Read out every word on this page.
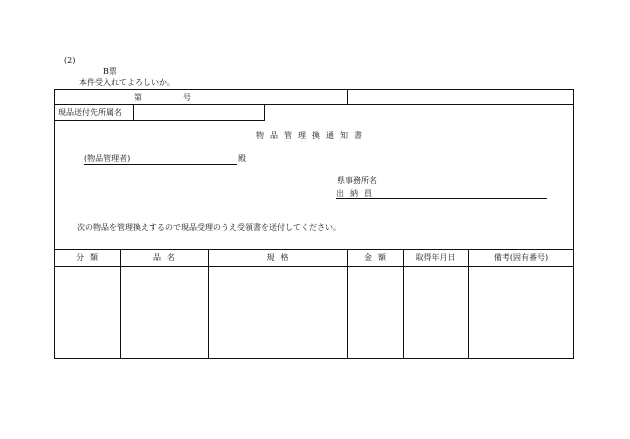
(2)
B票
本件受入れてよろしいか。
第	号
現品送付先所属名
物品管理換通知書
(物品管理者)	殿
県事務所名
出納員
次の物品を管理換えするので現品受理のうえ受領書を送付してください。
分類	品名	規格	金額	取得年月日	備考(固有番号)
